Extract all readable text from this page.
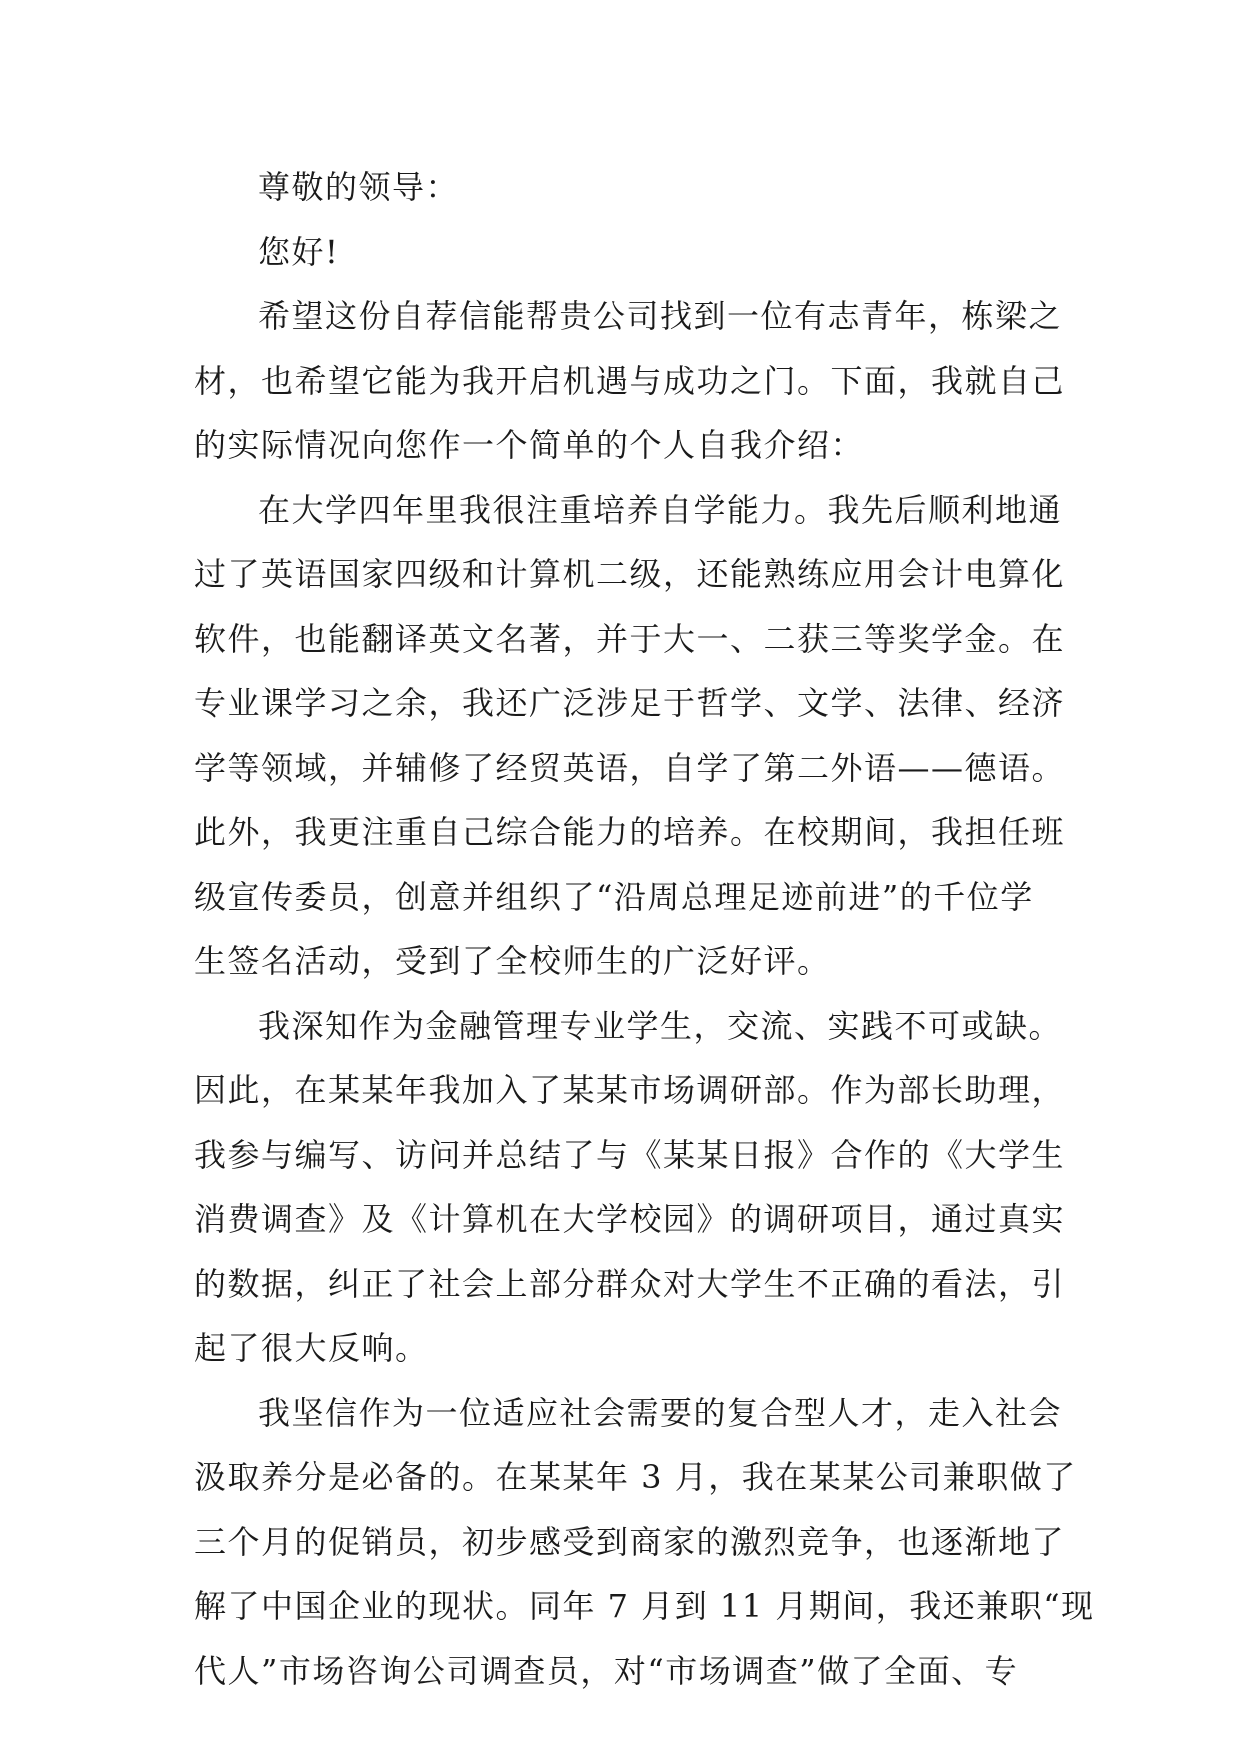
尊敬的领导：
您好!
希望这份自荐信能帮贵公司找到一位有志青年，栋梁之
材，也希望它能为我开启机遇与成功之门。下面，我就自己
的实际情况向您作一个简单的个人自我介绍：
在大学四年里我很注重培养自学能力。我先后顺利地通
过了英语国家四级和计算机二级，还能熟练应用会计电算化
软件，也能翻译英文名著，并于大一、二获三等奖学金。在
专业课学习之余，我还广泛涉足于哲学、文学、法律、经济
学等领域，并辅修了经贸英语，自学了第二外语——德语。
此外，我更注重自己综合能力的培养。在校期间，我担任班
级宣传委员，创意并组织了“沿周总理足迹前进”的千位学
生签名活动，受到了全校师生的广泛好评。
我深知作为金融管理专业学生，交流、实践不可或缺。
因此，在某某年我加入了某某市场调研部。作为部长助理，
我参与编写、访问并总结了与《某某日报》合作的《大学生
消费调查》及《计算机在大学校园》的调研项目，通过真实
的数据，纠正了社会上部分群众对大学生不正确的看法，引
起了很大反响。
我坚信作为一位适应社会需要的复合型人才，走入社会
汲取养分是必备的。在某某年 3 月，我在某某公司兼职做了
三个月的促销员，初步感受到商家的激烈竞争，也逐渐地了
解了中国企业的现状。同年 7 月到 11 月期间，我还兼职“现
代人”市场咨询公司调查员，对“市场调查”做了全面、专
